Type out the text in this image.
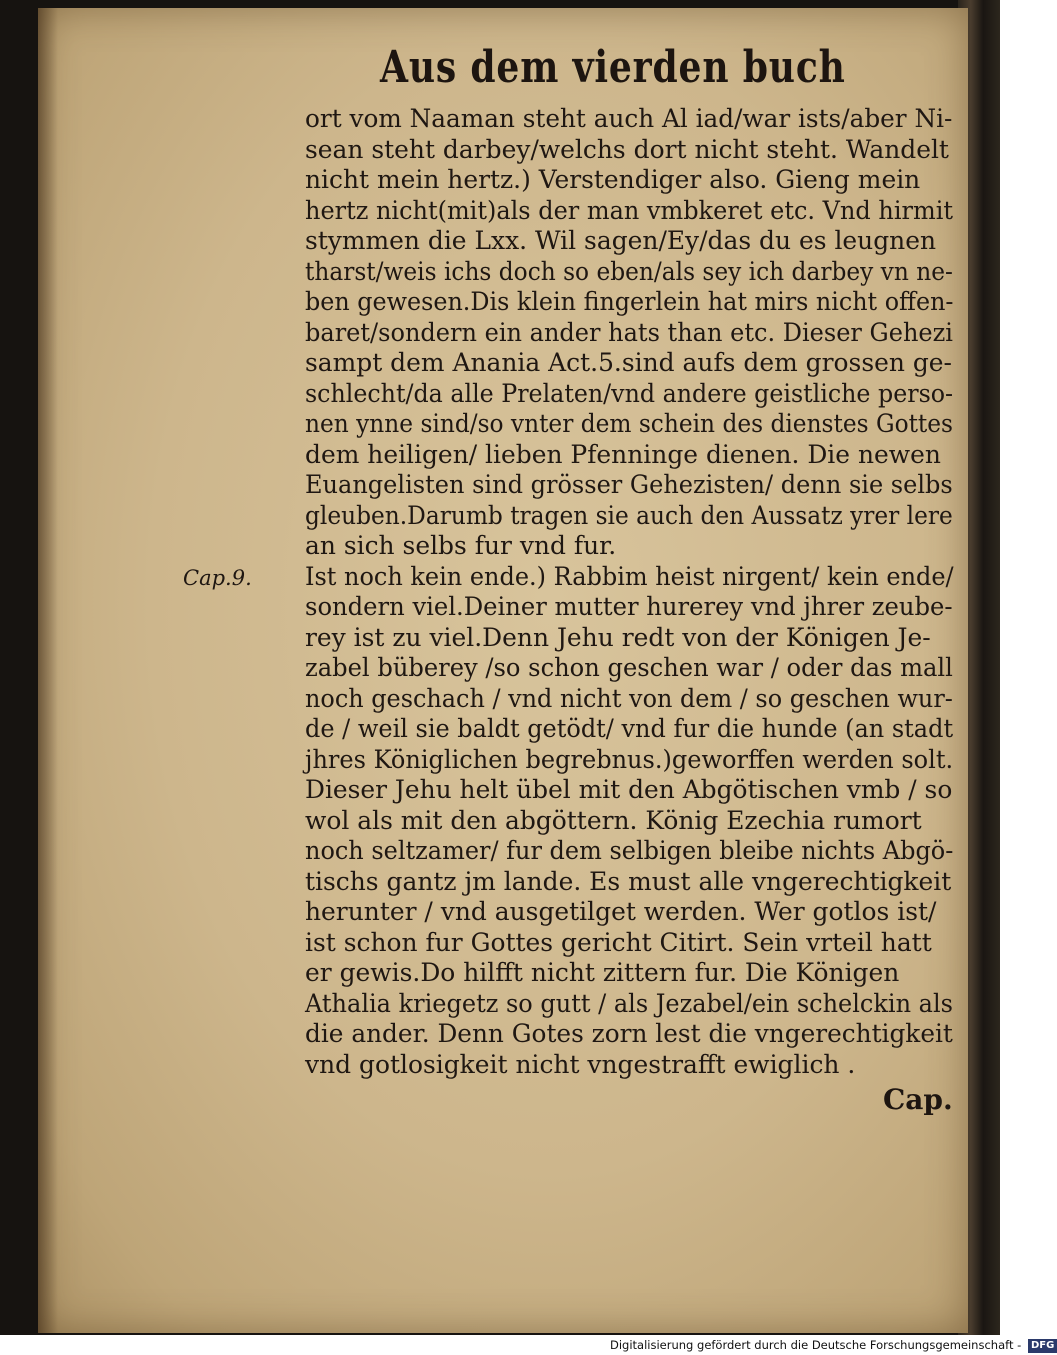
Aus dem vierden buch
Cap.9.
ort vom Naaman steht auch Al iad/war ists/aber Ni-
sean steht darbey/welchs dort nicht steht. Wandelt
nicht mein hertz.) Verstendiger also. Gieng mein
hertz nicht(mit)als der man vmbkeret etc. Vnd hirmit
stymmen die Lxx. Wil sagen/Ey/das du es leugnen
tharst/weis ichs doch so eben/als sey ich darbey vn ne-
ben gewesen.Dis klein fingerlein hat mirs nicht offen-
baret/sondern ein ander hats than etc. Dieser Gehezi
sampt dem Anania Act.5.sind aufs dem grossen ge-
schlecht/da alle Prelaten/vnd andere geistliche perso-
nen ynne sind/so vnter dem schein des dienstes Gottes
dem heiligen/ lieben Pfenninge dienen. Die newen
Euangelisten sind grösser Gehezisten/ denn sie selbs
gleuben.Darumb tragen sie auch den Aussatz yrer lere
an sich selbs fur vnd fur.
Ist noch kein ende.) Rabbim heist nirgent/ kein ende/
sondern viel.Deiner mutter hurerey vnd jhrer zeube-
rey ist zu viel.Denn Jehu redt von der Königen Je-
zabel büberey /so schon geschen war / oder das mall
noch geschach / vnd nicht von dem / so geschen wur-
de / weil sie baldt getödt/ vnd fur die hunde (an stadt
jhres Königlichen begrebnus.)geworffen werden solt.
Dieser Jehu helt übel mit den Abgötischen vmb / so
wol als mit den abgöttern. König Ezechia rumort
noch seltzamer/ fur dem selbigen bleibe nichts Abgö-
tischs gantz jm lande. Es must alle vngerechtigkeit
herunter / vnd ausgetilget werden. Wer gotlos ist/
ist schon fur Gottes gericht Citirt. Sein vrteil hatt
er gewis.Do hilfft nicht zittern fur. Die Königen
Athalia kriegetz so gutt / als Jezabel/ein schelckin als
die ander. Denn Gotes zorn lest die vngerechtigkeit
vnd gotlosigkeit nicht vngestrafft ewiglich .
Cap.
Digitalisierung gefördert durch die Deutsche Forschungsgemeinschaft - DFG
